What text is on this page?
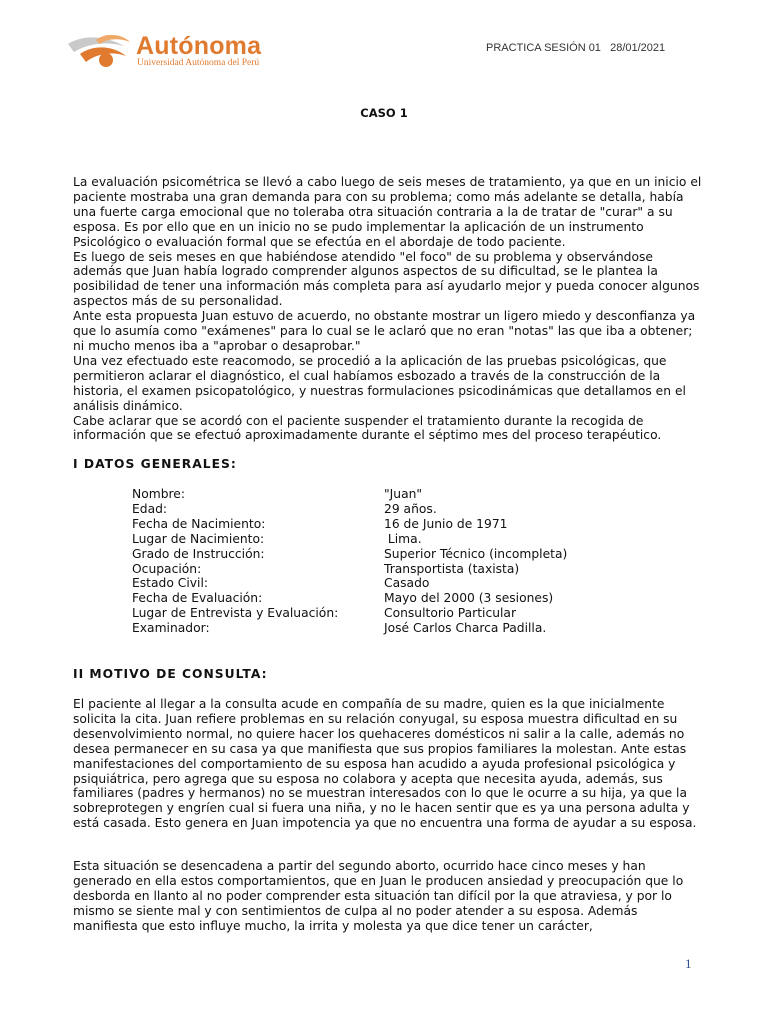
Autónoma
Universidad Autónoma del Perú
PRACTICA SESIÓN 01   28/01/2021
CASO 1
La evaluación psicométrica se llevó a cabo luego de seis meses de tratamiento, ya que en un inicio el paciente mostraba una gran demanda para con su problema; como más adelante se detalla, había una fuerte carga emocional que no toleraba otra situación contraria a la de tratar de "curar" a su esposa. Es por ello que en un inicio no se pudo implementar la aplicación de un instrumento Psicológico o evaluación formal que se efectúa en el abordaje de todo paciente.
Es luego de seis meses en que habiéndose atendido "el foco" de su problema y observándose además que Juan había logrado comprender algunos aspectos de su dificultad, se le plantea la posibilidad de tener una información más completa para así ayudarlo mejor y pueda conocer algunos aspectos más de su personalidad.
Ante esta propuesta Juan estuvo de acuerdo, no obstante mostrar un ligero miedo y desconfianza ya que lo asumía como "exámenes" para lo cual se le aclaró que no eran "notas" las que iba a obtener; ni mucho menos iba a "aprobar o desaprobar."
Una vez efectuado este reacomodo, se procedió a la aplicación de las pruebas psicológicas, que permitieron aclarar el diagnóstico, el cual habíamos esbozado a través de la construcción de la historia, el examen psicopatológico, y nuestras formulaciones psicodinámicas que detallamos en el análisis dinámico.
Cabe aclarar que se acordó con el paciente suspender el tratamiento durante la recogida de información que se efectuó aproximadamente durante el séptimo mes del proceso terapéutico.
I DATOS GENERALES:
Nombre:	"Juan"
Edad:	29 años.
Fecha de Nacimiento:	16 de Junio de 1971
Lugar de Nacimiento:	Lima.
Grado de Instrucción:	Superior Técnico (incompleta)
Ocupación:	Transportista (taxista)
Estado Civil:	Casado
Fecha de Evaluación:	Mayo del 2000 (3 sesiones)
Lugar de Entrevista y Evaluación:	Consultorio Particular
Examinador:	José Carlos Charca Padilla.
II MOTIVO DE CONSULTA:
El paciente al llegar a la consulta acude en compañía de su madre, quien es la que inicialmente solicita la cita. Juan refiere problemas en su relación conyugal, su esposa muestra dificultad en su desenvolvimiento normal, no quiere hacer los quehaceres domésticos ni salir a la calle, además no desea permanecer en su casa ya que manifiesta que sus propios familiares la molestan. Ante estas manifestaciones del comportamiento de su esposa han acudido a ayuda profesional psicológica y psiquiátrica, pero agrega que su esposa no colabora y acepta que necesita ayuda, además, sus familiares (padres y hermanos) no se muestran interesados con lo que le ocurre a su hija, ya que la sobreprotegen y engríen cual si fuera una niña, y no le hacen sentir que es ya una persona adulta y está casada. Esto genera en Juan impotencia ya que no encuentra una forma de ayudar a su esposa.
Esta situación se desencadena a partir del segundo aborto, ocurrido hace cinco meses y han generado en ella estos comportamientos, que en Juan le producen ansiedad y preocupación que lo desborda en llanto al no poder comprender esta situación tan difícil por la que atraviesa, y por lo mismo se siente mal y con sentimientos de culpa al no poder atender a su esposa. Además manifiesta que esto influye mucho, la irrita y molesta ya que dice tener un carácter,
1
